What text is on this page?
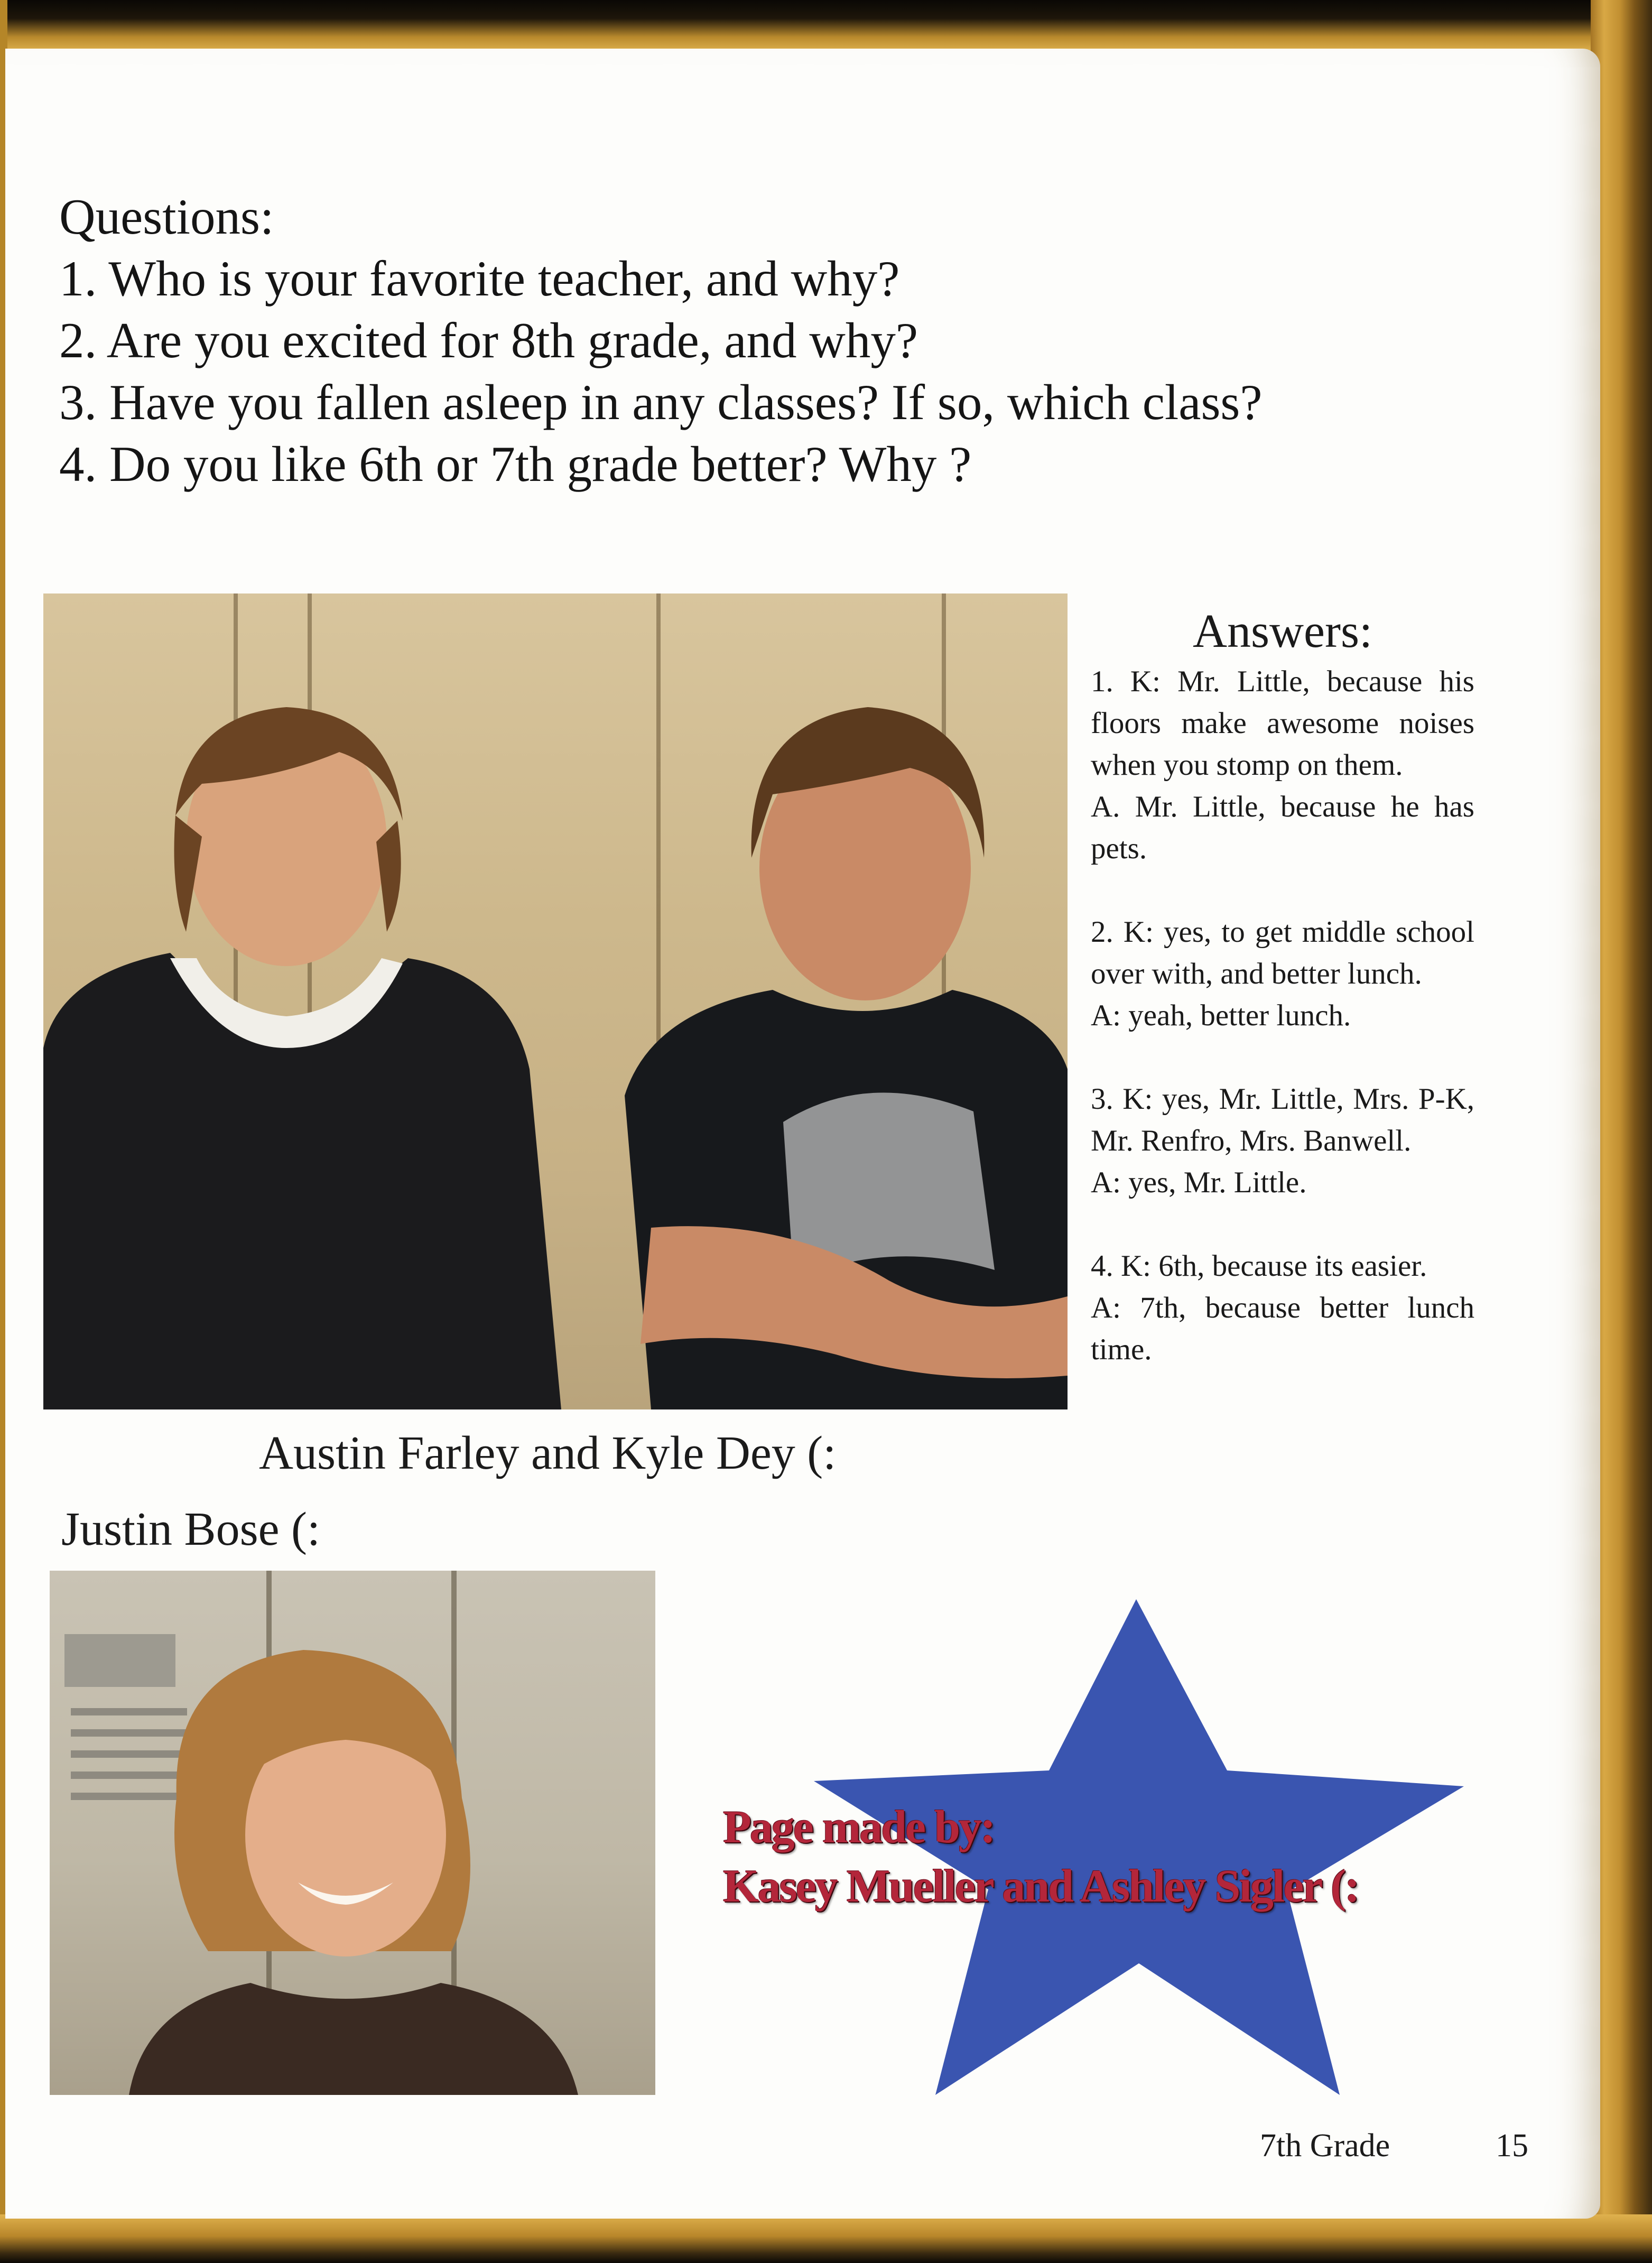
Questions:
1. Who is your favorite teacher, and why?
2. Are you excited for 8th grade, and why?
3. Have you fallen asleep in any classes? If so, which class?
4. Do you like 6th or 7th grade better? Why ?
Answers:
1. K: Mr. Little, because his floors make awesome noises when you stomp on them.
A. Mr. Little, because he has pets.
2. K: yes, to get middle school over with, and better lunch.
A: yeah, better lunch.
3. K: yes, Mr. Little, Mrs. P-K, Mr. Renfro, Mrs. Banwell.
A: yes, Mr. Little.
4. K: 6th, because its easier.
A: 7th, because better lunch time.
Austin Farley and Kyle Dey (:
Justin Bose (:
Page made by:
Kasey Mueller and Ashley Sigler (:
7th Grade	15
